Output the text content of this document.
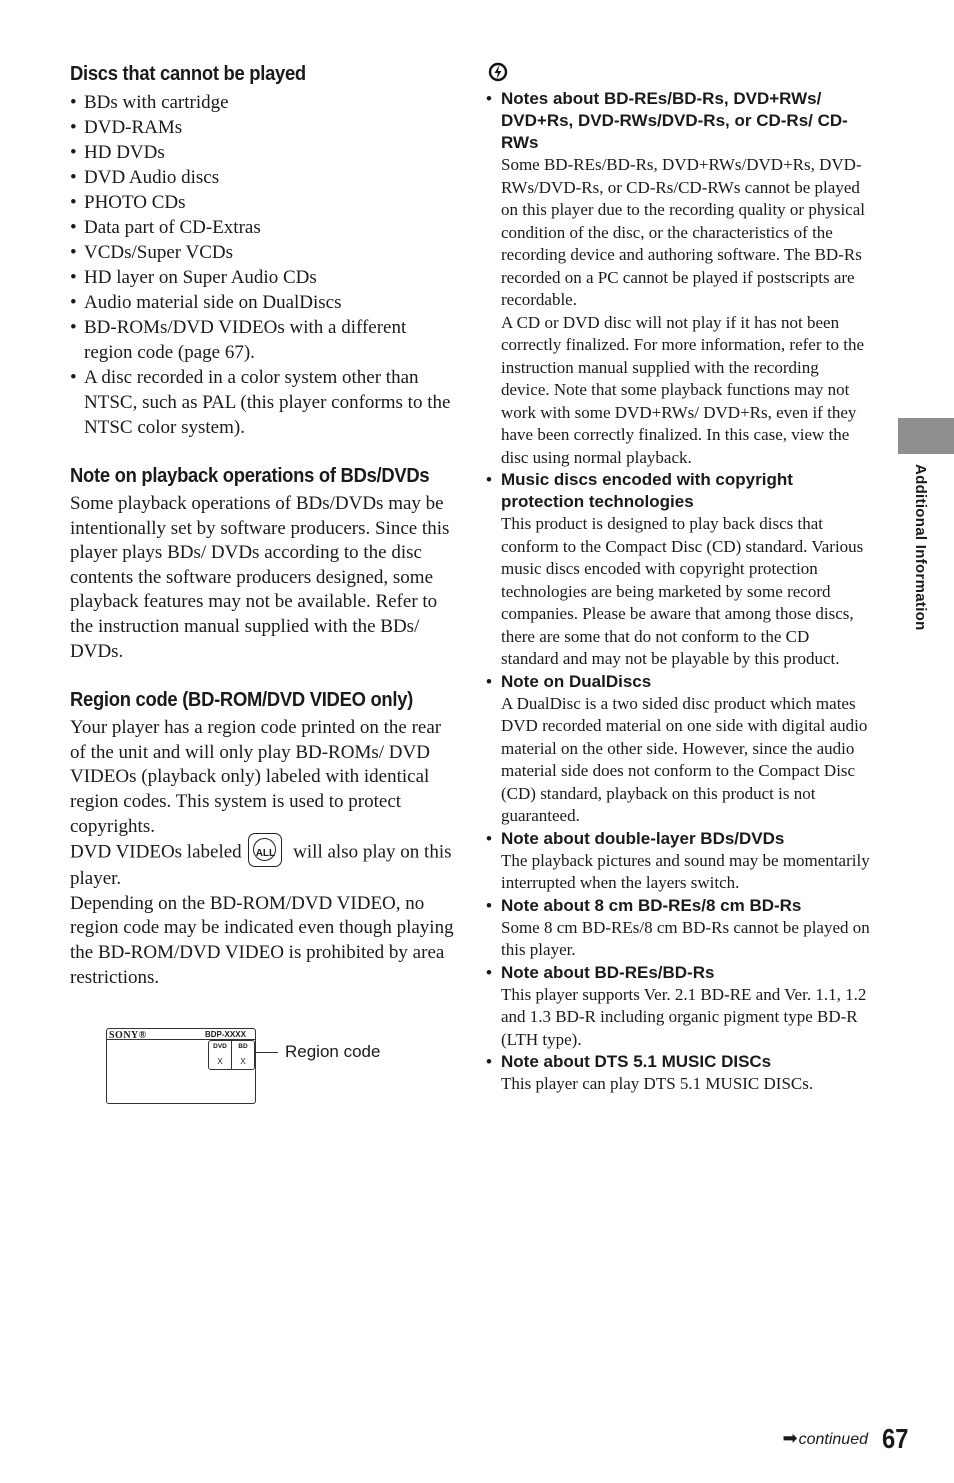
Discs that cannot be played
• BDs with cartridge
• DVD-RAMs
• HD DVDs
• DVD Audio discs
• PHOTO CDs
• Data part of CD-Extras
• VCDs/Super VCDs
• HD layer on Super Audio CDs
• Audio material side on DualDiscs
• BD-ROMs/DVD VIDEOs with a different region code (page 67).
• A disc recorded in a color system other than NTSC, such as PAL (this player conforms to the NTSC color system).
Note on playback operations of BDs/DVDs

Some playback operations of BDs/DVDs may be intentionally set by software producers. Since this player plays BDs/ DVDs according to the disc contents the software producers designed, some playback features may not be available. Refer to the instruction manual supplied with the BDs/ DVDs.

Region code (BD-ROM/DVD VIDEO only)

Your player has a region code printed on the rear of the unit and will only play BD-ROMs/ DVD VIDEOs (playback only) labeled with identical region codes. This system is used to protect copyrights.

DVD VIDEOs labeled	ALL will also play on this player.

Depending on the BD-ROM/DVD VIDEO, no region code may be indicated even though playing the BD-ROM/DVD VIDEO is prohibited by area restrictions.

SONY®	BDP-XXXX
DVD	BD
X	X
Region code
• Notes about BD-REs/BD-Rs, DVD+RWs/ DVD+Rs, DVD-RWs/DVD-Rs, or CD-Rs/ CD-RWs
Some BD-REs/BD-Rs, DVD+RWs/DVD+Rs, DVD-RWs/DVD-Rs, or CD-Rs/CD-RWs cannot be played on this player due to the recording quality or physical condition of the disc, or the characteristics of the recording device and authoring software. The BD-Rs recorded on a PC cannot be played if postscripts are recordable.
A CD or DVD disc will not play if it has not been correctly finalized. For more information, refer to the instruction manual supplied with the recording device. Note that some playback functions may not work with some DVD+RWs/ DVD+Rs, even if they have been correctly finalized. In this case, view the disc using normal playback.
• Music discs encoded with copyright protection technologies
This product is designed to play back discs that conform to the Compact Disc (CD) standard. Various music discs encoded with copyright protection technologies are being marketed by some record companies. Please be aware that among those discs, there are some that do not conform to the CD standard and may not be playable by this product.
• Note on DualDiscs
A DualDisc is a two sided disc product which mates DVD recorded material on one side with digital audio material on the other side. However, since the audio material side does not conform to the Compact Disc (CD) standard, playback on this product is not guaranteed.
• Note about double-layer BDs/DVDs
The playback pictures and sound may be momentarily interrupted when the layers switch.
• Note about 8 cm BD-REs/8 cm BD-Rs
Some 8 cm BD-REs/8 cm BD-Rs cannot be played on this player.
• Note about BD-REs/BD-Rs
This player supports Ver. 2.1 BD-RE and Ver. 1.1, 1.2 and 1.3 BD-R including organic pigment type BD-R (LTH type).
• Note about DTS 5.1 MUSIC DISCs
This player can play DTS 5.1 MUSIC DISCs.
Additional Information
➡continued 67
